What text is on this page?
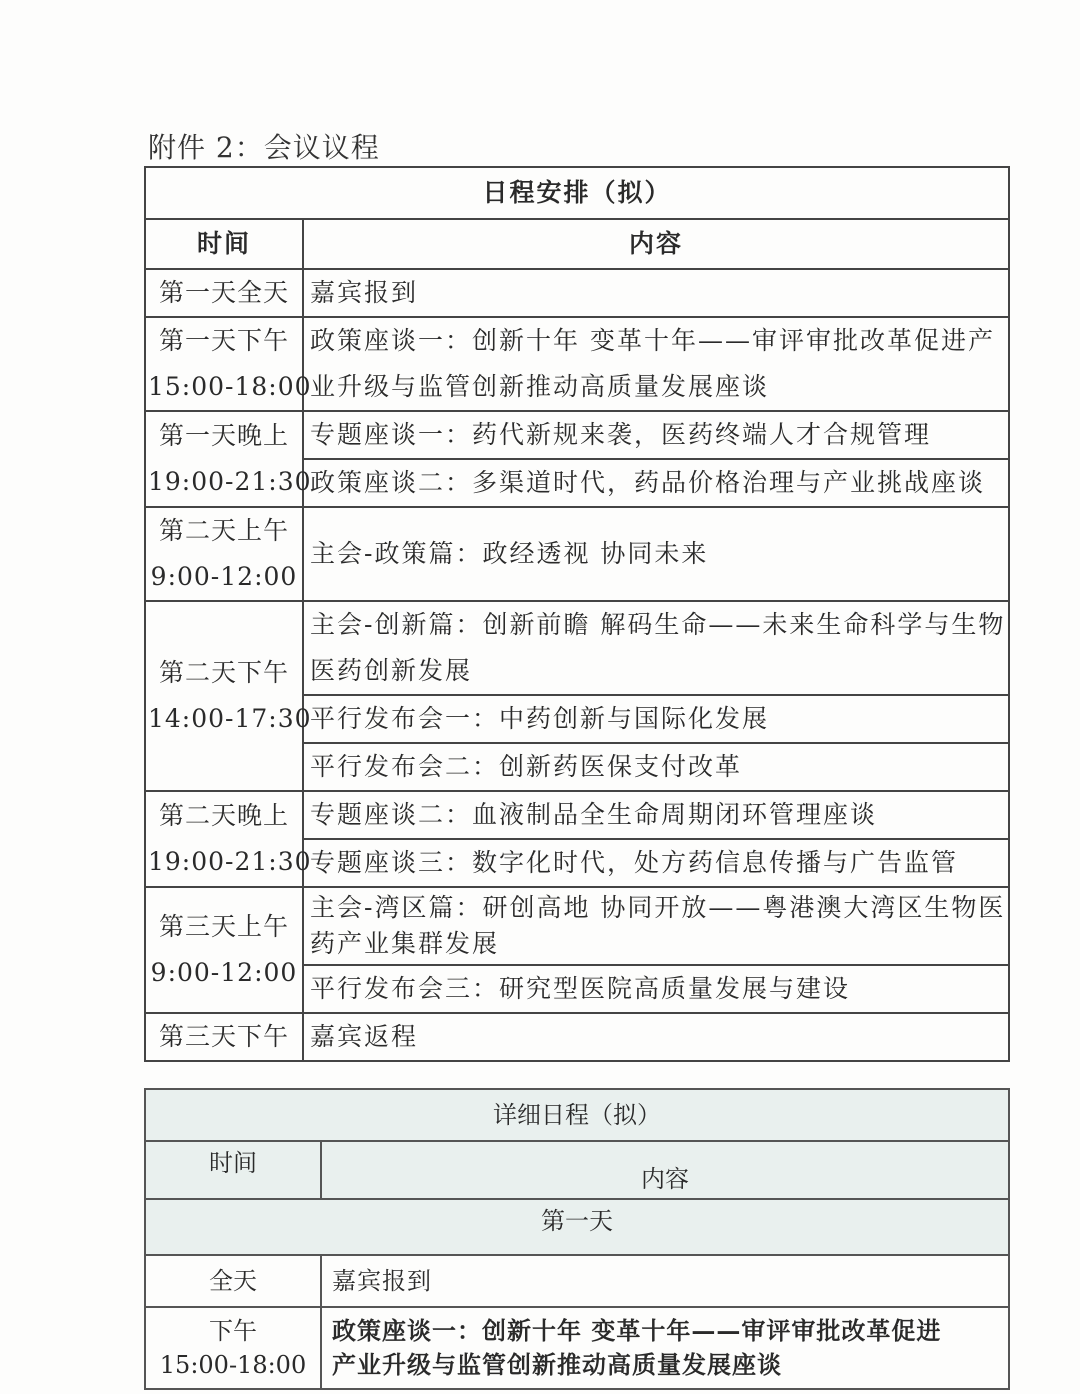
附件 2：会议议程
日程安排（拟）	
时间	内容
第一天全天	嘉宾报到

第一天下午
15:00-18:00	政策座谈一：创新十年 变革十年——审评审批改革促进产
业升级与监管创新推动高质量发展座谈

第一天晚上
19:00-21:30	专题座谈一：药代新规来袭，医药终端人才合规管理
	政策座谈二：多渠道时代，药品价格治理与产业挑战座谈

第二天上午
9:00-12:00	主会-政策篇：政经透视 协同未来

第二天下午
14:00-17:30	主会-创新篇：创新前瞻 解码生命——未来生命科学与生物
医药创新发展

	平行发布会一：中药创新与国际化发展
	平行发布会二：创新药医保支付改革

第二天晚上
19:00-21:30	专题座谈二：血液制品全生命周期闭环管理座谈
	专题座谈三：数字化时代，处方药信息传播与广告监管

第三天上午
9:00-12:00	主会-湾区篇：研创高地 协同开放——粤港澳大湾区生物医
药产业集群发展

	平行发布会三：研究型医院高质量发展与建设
第三天下午	嘉宾返程
详细日程（拟）	
时间	内容
第一天	
全天	嘉宾报到

下午
15:00-18:00	政策座谈一：创新十年 变革十年——审评审批改革促进
产业升级与监管创新推动高质量发展座谈
